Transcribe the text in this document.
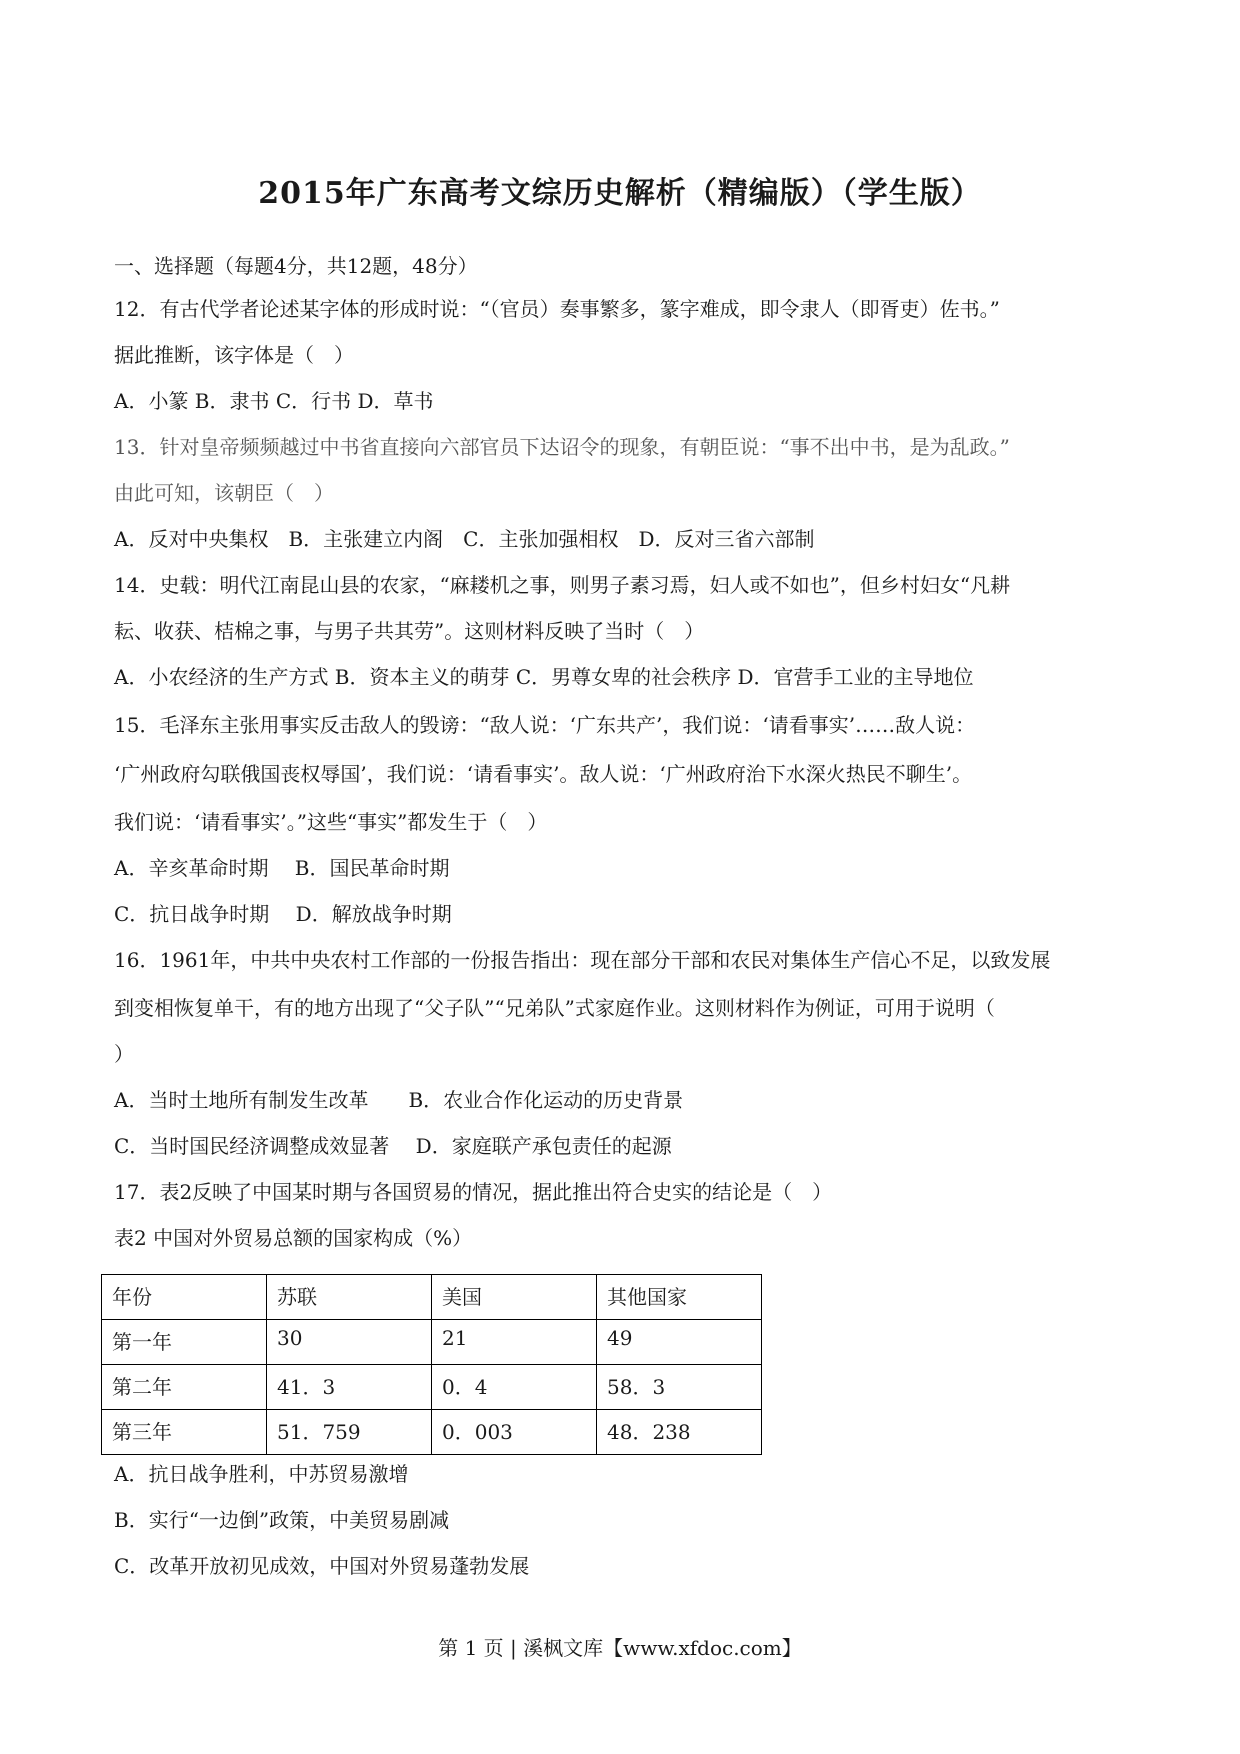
2015年广东高考文综历史解析（精编版）（学生版）
一、选择题（每题4分，共12题，48分）
12．有古代学者论述某字体的形成时说：“（官员）奏事繁多，篆字难成，即令隶人（即胥吏）佐书。”
据此推断，该字体是（　）
A．小篆 B．隶书 C．行书 D．草书
13．针对皇帝频频越过中书省直接向六部官员下达诏令的现象，有朝臣说：“事不出中书，是为乱政。”
由此可知，该朝臣（　）
A．反对中央集权　B．主张建立内阁　C．主张加强相权　D．反对三省六部制
14．史载：明代江南昆山县的农家，“麻耧机之事，则男子素习焉，妇人或不如也”，但乡村妇女“凡耕
耘、收获、桔棉之事，与男子共其劳”。这则材料反映了当时（　）
A．小农经济的生产方式 B．资本主义的萌芽 C．男尊女卑的社会秩序 D．官营手工业的主导地位
15．毛泽东主张用事实反击敌人的毁谤：“敌人说：‘广东共产’，我们说：‘请看事实’……敌人说：
‘广州政府勾联俄国丧权辱国’，我们说：‘请看事实’。敌人说：‘广州政府治下水深火热民不聊生’。
我们说：‘请看事实’。”这些“事实”都发生于（　）
A．辛亥革命时期　 B．国民革命时期
C．抗日战争时期　 D．解放战争时期
16．1961年，中共中央农村工作部的一份报告指出：现在部分干部和农民对集体生产信心不足，以致发展
到变相恢复单干，有的地方出现了“父子队”“兄弟队”式家庭作业。这则材料作为例证，可用于说明（
）
A．当时土地所有制发生改革　　B．农业合作化运动的历史背景
C．当时国民经济调整成效显著　 D．家庭联产承包责任的起源
17．表2反映了中国某时期与各国贸易的情况，据此推出符合史实的结论是（　）
表2 中国对外贸易总额的国家构成（%）
年份	苏联	美国	其他国家
第一年	30	21	49
第二年	41．3	0．4	58．3
第三年	51．759	0．003	48．238
A．抗日战争胜利，中苏贸易激增
B．实行“一边倒”政策，中美贸易剧减
C．改革开放初见成效，中国对外贸易蓬勃发展
第 1 页 | 溪枫文库【www.xfdoc.com】
